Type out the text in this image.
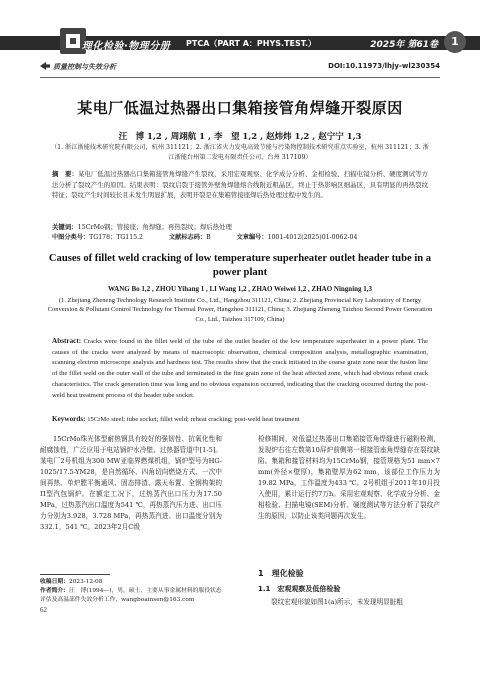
理化检验·物理分册 PTCA（PART A：PHYS.TEST.）	2025年 第61卷	1
质量控制与失效分析	DOI:10.11973/lhjy-wl230354
某电厂低温过热器出口集箱接管角焊缝开裂原因
汪　博 1,2 , 周翊航 1 , 李　望 1,2 , 赵炜炜 1,2 , 赵宁宁 1,3
（1. 浙江浙能技术研究院有限公司，杭州 311121；2. 浙江省火力发电高效节能与污染物控制技术研究重点实验室，杭州 311121；3. 浙江浙能台州第二发电有限责任公司，台州 317109）
摘　要：某电厂低温过热器出口集箱接管角焊缝产生裂纹，采用宏观观察、化学成分分析、金相检验、扫描电镜分析、硬度测试等方法分析了裂纹产生的原因。结果表明：裂纹启裂于接管外壁角焊缝熔合线附近粗晶区，终止于热影响区细晶区，具有明显的再热裂纹特征；裂纹产生时间较长且未发生明显扩展，表明开裂是在集箱管接座焊后热处理过程中发生的。
关键词：15CrMo钢；管接座；角焊缝；再热裂纹；焊后热处理
中图分类号：TG178；TG115.2	文献标志码：B	文章编号：1001-4012(2025)01-0062-04
Causes of fillet weld cracking of low temperature superheater outlet header tube in a power plant
WANG Bo 1,2 , ZHOU Yihang 1 , LI Wang 1,2 , ZHAO Weiwei 1,2 , ZHAO Ningning 1,3
(1. Zhejiang Zheneng Technology Research Institute Co., Ltd., Hangzhou 311121, China; 2. Zhejiang Provincial Key Laboratory of Energy Conversion & Pollutant Control Technology for Thermal Power, Hangzhou 311121, China; 3. Zhejiang Zheneng Taizhou Second Power Generation Co., Ltd., Taizhou 317109, China)
Abstract: Cracks were found in the fillet weld of the tube of the outlet header of the low temperature superheater in a power plant. The causes of the cracks were analyzed by means of macroscopic observation, chemical composition analysis, metallographic examination, scanning electron microscope analysis and hardness test. The results show that the crack initiated in the coarse grain zone near the fusion line of the fillet weld on the outer wall of the tube and terminated in the fine grain zone of the heat affected zone, which had obvious reheat crack characteristics. The crack generation time was long and no obvious expansion occurred, indicating that the cracking occurred during the post-weld heat treatment process of the header tube socket.
Keywords: 15CrMo steel; tube socket; fillet weld; reheat cracking; post-weld heat treatment
15CrMo珠光体型耐热钢具有较好的强韧性、抗氧化性和耐腐蚀性，广泛应用于电站锅炉水冷壁、过热器管道中[1-5]。某电厂2号机组为300 MW亚临界燃煤机组，锅炉型号为HG-1025/17.5-YM28，是自然循环、四角切向燃烧方式、一次中间再热、单炉膛平衡通风、固态排渣、露天布置、全钢构架的Π型汽包锅炉。在额定工况下，过热蒸汽出口压力为17.50 MPa，过热蒸汽出口温度为541 ℃，再热蒸汽压力进、出口压力分别为3.928，3.728 MPa，再热蒸汽进、出口温度分别为332.1，541 ℃。2023年2月C级
检修期间，对低温过热器出口集箱接管角焊缝进行磁粉检测，发现炉右往左数第10屏炉前侧第一根接管座角焊缝存在裂纹缺陷。集箱和接管材料均为15CrMo钢，接管规格为51 mm×7 mm(外径×壁厚)，集箱壁厚为62 mm，该部位工作压力为19.82 MPa，工作温度为433 ℃。2号机组于2011年10月投入使用，累计运行约7万h。采用宏观观察、化学成分分析、金相检验、扫描电镜(SEM)分析、硬度测试等方法分析了裂纹产生的原因，以防止该类问题再次发生。
收稿日期：2023-12-08
作者简介：汪　博(1994—)，男，硕士，主要从事金属材料的服役状态评估及高温部件失效分析工作，wangboainsen@163.com
62
1　理化检验
1.1　宏观观察及低倍检验
裂纹宏观形貌如图1(a)所示，未发现明显脏粗
